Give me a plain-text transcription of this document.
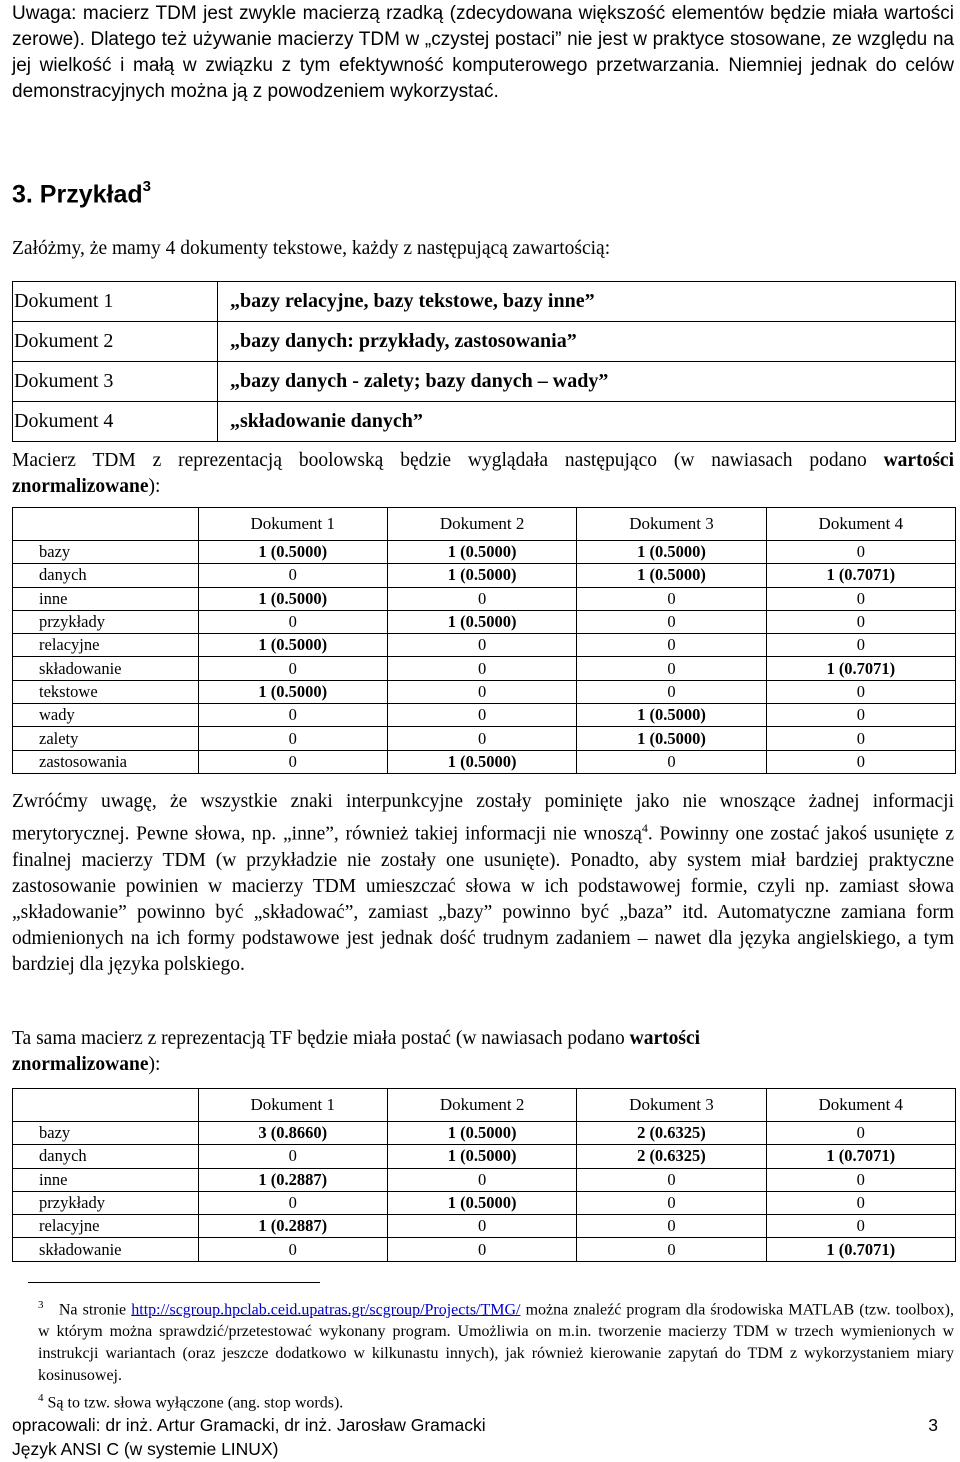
Uwaga: macierz TDM jest zwykle macierzą rzadką (zdecydowana większość elementów będzie miała wartości zerowe). Dlatego też używanie macierzy TDM w „czystej postaci” nie jest w praktyce stosowane, ze względu na jej wielkość i małą w związku z tym efektywność komputerowego przetwarzania. Niemniej jednak do celów demonstracyjnych można ją z powodzeniem wykorzystać.

3. Przykład$^3$

Załóżmy, że mamy 4 dokumenty tekstowe, każdy z następującą zawartością:

Dokument 1	„bazy relacyjne, bazy tekstowe, bazy inne”
Dokument 2	„bazy danych: przykłady, zastosowania”
Dokument 3	„bazy danych - zalety; bazy danych – wady”
Dokument 4	„składowanie danych”

Macierz TDM z reprezentacją boolowską będzie wyglądała następująco (w nawiasach podano wartości znormalizowane):

	Dokument 1	Dokument 2	Dokument 3	Dokument 4
bazy	1 (0.5000)	1 (0.5000)	1 (0.5000)	0
danych	0	1 (0.5000)	1 (0.5000)	1 (0.7071)
inne	1 (0.5000)	0	0	0
przykłady	0	1 (0.5000)	0	0
relacyjne	1 (0.5000)	0	0	0
składowanie	0	0	0	1 (0.7071)
tekstowe	1 (0.5000)	0	0	0
wady	0	0	1 (0.5000)	0
zalety	0	0	1 (0.5000)	0
zastosowania	0	1 (0.5000)	0	0

Zwróćmy uwagę, że wszystkie znaki interpunkcyjne zostały pominięte jako nie wnoszące żadnej informacji merytorycznej. Pewne słowa, np. „inne”, również takiej informacji nie wnoszą$^4$. Powinny one zostać jakoś usunięte z finalnej macierzy TDM (w przykładzie nie zostały one usunięte). Ponadto, aby system miał bardziej praktyczne zastosowanie powinien w macierzy TDM umieszczać słowa w ich podstawowej formie, czyli np. zamiast słowa „składowanie” powinno być „składować”, zamiast „bazy” powinno być „baza” itd. Automatyczne zamiana form odmienionych na ich formy podstawowe jest jednak dość trudnym zadaniem – nawet dla języka angielskiego, a tym bardziej dla języka polskiego.

Ta sama macierz z reprezentacją TF będzie miała postać (w nawiasach podano wartości
znormalizowane):

	Dokument 1	Dokument 2	Dokument 3	Dokument 4
bazy	3 (0.8660)	1 (0.5000)	2 (0.6325)	0
danych	0	1 (0.5000)	2 (0.6325)	1 (0.7071)
inne	1 (0.2887)	0	0	0
przykłady	0	1 (0.5000)	0	0
relacyjne	1 (0.2887)	0	0	0
składowanie	0	0	0	1 (0.7071)

$^3$ Na stronie http://scgroup.hpclab.ceid.upatras.gr/scgroup/Projects/TMG/ można znaleźć program dla środowiska MATLAB (tzw. toolbox), w którym można sprawdzić/przetestować wykonany program. Umożliwia on m.in. tworzenie macierzy TDM w trzech wymienionych w instrukcji wariantach (oraz jeszcze dodatkowo w kilkunastu innych), jak również kierowanie zapytań do TDM z wykorzystaniem miary kosinusowej.

$^4$ Są to tzw. słowa wyłączone (ang. stop words).

opracowali: dr inż. Artur Gramacki, dr inż. Jarosław Gramacki	3
Język ANSI C (w systemie LINUX)
